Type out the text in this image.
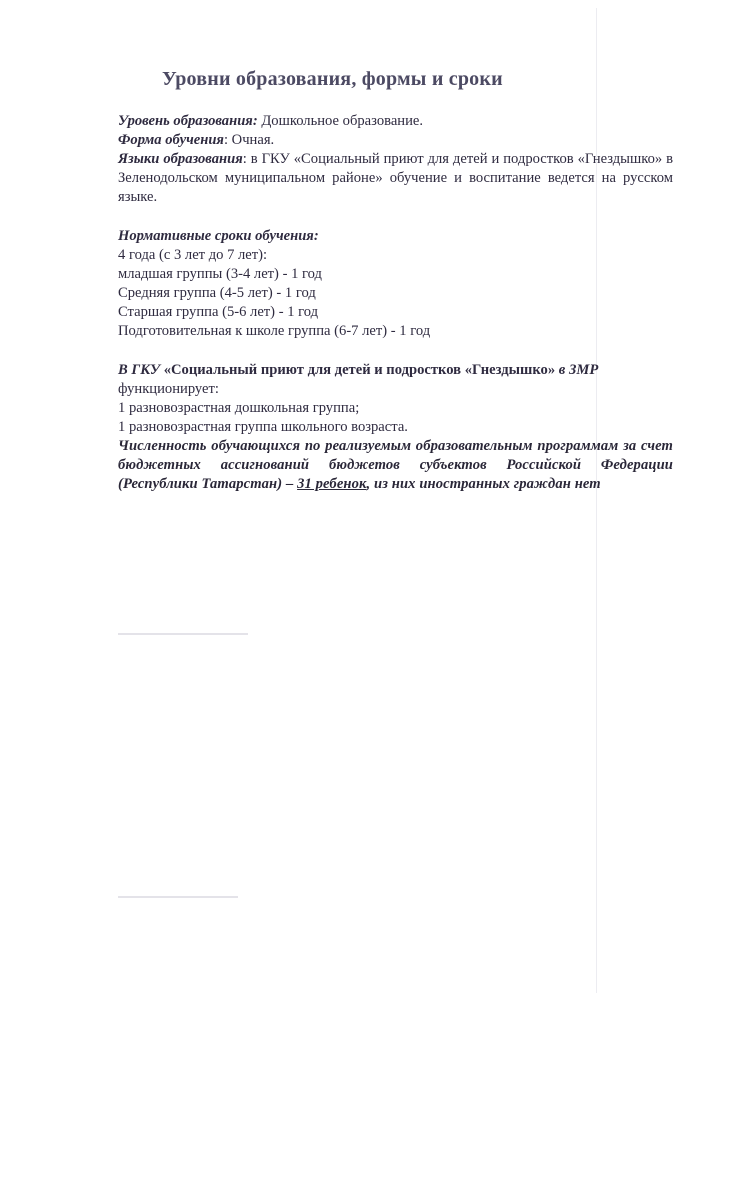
Уровни образования, формы и сроки

Уровень образования: Дошкольное образование.

Форма обучения: Очная.

Языки образования: в ГКУ «Социальный приют для детей и подростков «Гнездышко» в Зеленодольском муниципальном районе» обучение и воспитание ведется на русском языке.

Нормативные сроки обучения:

4 года (с 3 лет до 7 лет):

младшая группы (3-4 лет) - 1 год

Средняя группа (4-5 лет) - 1 год

Старшая группа (5-6 лет) - 1 год

Подготовительная к школе группа (6-7 лет) - 1 год

В ГКУ «Социальный приют для детей и подростков «Гнездышко» в ЗМР

функционирует:

1 разновозрастная дошкольная группа;

1 разновозрастная группа школьного возраста.

Численность обучающихся по реализуемым образовательным программам за счет бюджетных ассигнований бюджетов субъектов Российской Федерации (Республики Татарстан) – 31 ребенок, из них иностранных граждан нет
